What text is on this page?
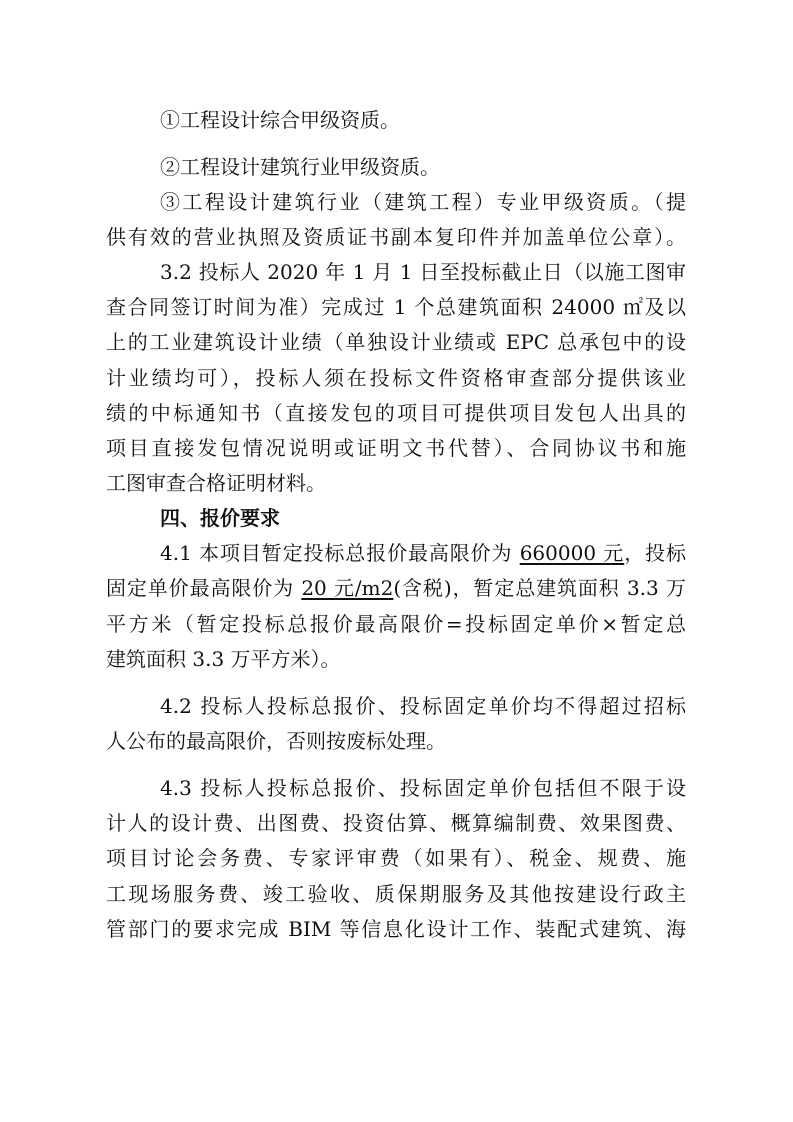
①工程设计综合甲级资质。
②工程设计建筑行业甲级资质。
③工程设计建筑行业（建筑工程）专业甲级资质。（提
供有效的营业执照及资质证书副本复印件并加盖单位公章）。
3.2 投标人 2020 年 1 月 1 日至投标截止日（以施工图审
查合同签订时间为准）完成过 1 个总建筑面积 24000 ㎡及以
上的工业建筑设计业绩（单独设计业绩或 EPC 总承包中的设
计业绩均可），投标人须在投标文件资格审查部分提供该业
绩的中标通知书（直接发包的项目可提供项目发包人出具的
项目直接发包情况说明或证明文书代替）、合同协议书和施
工图审查合格证明材料。
四、报价要求
4.1 本项目暂定投标总报价最高限价为 660000 元，投标
固定单价最高限价为 20 元/m2(含税)，暂定总建筑面积 3.3 万
平方米（暂定投标总报价最高限价=投标固定单价×暂定总
建筑面积 3.3 万平方米）。
4.2 投标人投标总报价、投标固定单价均不得超过招标
人公布的最高限价，否则按废标处理。
4.3 投标人投标总报价、投标固定单价包括但不限于设
计人的设计费、出图费、投资估算、概算编制费、效果图费、
项目讨论会务费、专家评审费（如果有）、税金、规费、施
工现场服务费、竣工验收、质保期服务及其他按建设行政主
管部门的要求完成 BIM 等信息化设计工作、装配式建筑、海
